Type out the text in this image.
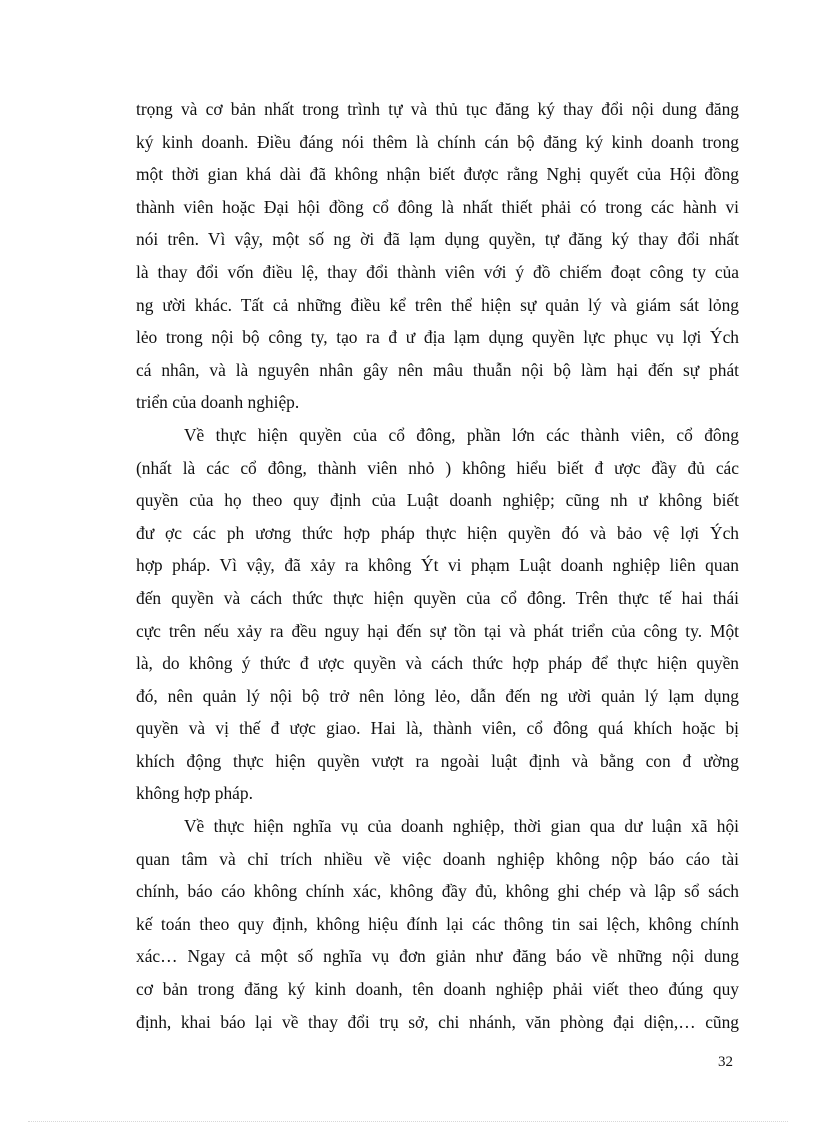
trọng và cơ bản nhất trong trình tự và thủ tục đăng ký thay đổi nội dung đăng
ký kinh doanh. Điều đáng nói thêm là chính cán bộ đăng ký kinh doanh trong
một thời gian khá dài đã không nhận biết được rằng Nghị quyết của Hội đồng
thành viên hoặc Đại hội đồng cổ đông là nhất thiết phải có trong các hành vi
nói trên. Vì vậy, một số ng ời đã lạm dụng quyền, tự đăng ký thay đổi nhất
là thay đổi vốn điều lệ, thay đổi thành viên với ý đồ chiếm đoạt công ty của
ng ười khác. Tất cả những điều kể trên thể hiện sự quản lý và giám sát lỏng
lẻo trong nội bộ công ty, tạo ra đ ư địa lạm dụng quyền lực phục vụ lợi Ých
cá nhân, và là nguyên nhân gây nên mâu thuẫn nội bộ làm hại đến sự phát
triển của doanh nghiệp.
Về thực hiện quyền của cổ đông, phần lớn các thành viên, cổ đông
(nhất là các cổ đông, thành viên nhỏ ) không hiểu biết đ ược đầy đủ các
quyền của họ theo quy định của Luật doanh nghiệp; cũng nh ư không biết
đư ợc các ph ương thức hợp pháp thực hiện quyền đó và bảo vệ lợi Ých
hợp pháp. Vì vậy, đã xảy ra không Ýt vi phạm Luật doanh nghiệp liên quan
đến quyền và cách thức thực hiện quyền của cổ đông. Trên thực tế hai thái
cực trên nếu xảy ra đều nguy hại đến sự tồn tại và phát triển của công ty. Một
là, do không ý thức đ ược quyền và cách thức hợp pháp để thực hiện quyền
đó, nên quản lý nội bộ trở nên lỏng lẻo, dẫn đến ng ười quản lý lạm dụng
quyền và vị thế đ ược giao. Hai là, thành viên, cổ đông quá khích hoặc bị
khích động thực hiện quyền vượt ra ngoài luật định và bằng con đ ường
không hợp pháp.
Về thực hiện nghĩa vụ của doanh nghiệp, thời gian qua dư luận xã hội
quan tâm và chỉ trích nhiều về việc doanh nghiệp không nộp báo cáo tài
chính, báo cáo không chính xác, không đầy đủ, không ghi chép và lập sổ sách
kế toán theo quy định, không hiệu đính lại các thông tin sai lệch, không chính
xác… Ngay cả một số nghĩa vụ đơn giản như đăng báo về những nội dung
cơ bản trong đăng ký kinh doanh, tên doanh nghiệp phải viết theo đúng quy
định, khai báo lại về thay đổi trụ sở, chi nhánh, văn phòng đại diện,… cũng
32
